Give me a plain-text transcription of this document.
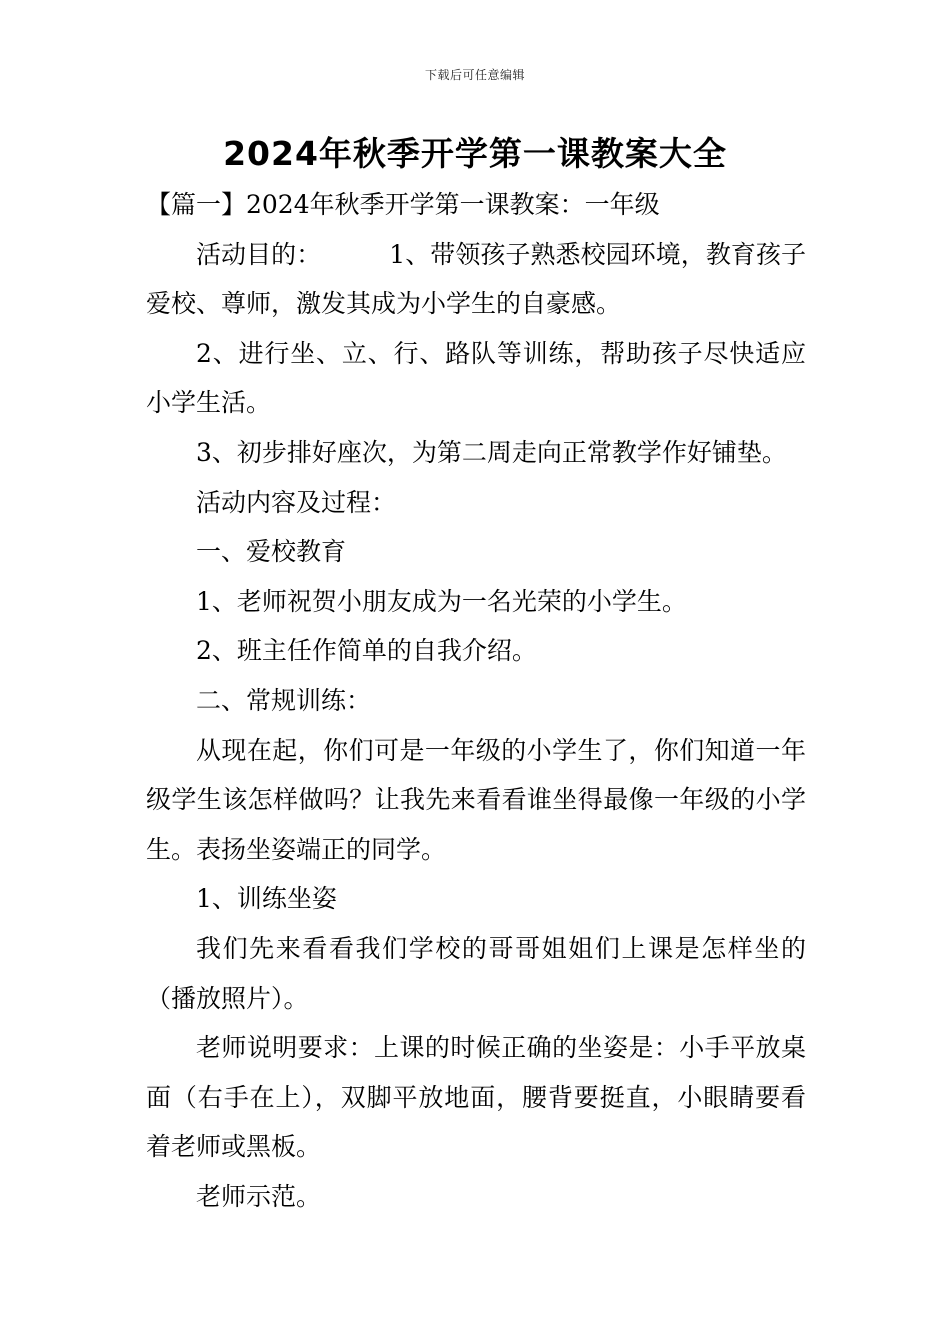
下载后可任意编辑
2024年秋季开学第一课教案大全

【篇一】2024年秋季开学第一课教案：一年级

活动目的：	1、带领孩子熟悉校园环境，教育孩子爱校、尊师，激发其成为小学生的自豪感。

2、进行坐、立、行、路队等训练，帮助孩子尽快适应小学生活。

3、初步排好座次，为第二周走向正常教学作好铺垫。

活动内容及过程：

一、爱校教育

1、老师祝贺小朋友成为一名光荣的小学生。

2、班主任作简单的自我介绍。

二、常规训练：

从现在起，你们可是一年级的小学生了，你们知道一年级学生该怎样做吗？让我先来看看谁坐得最像一年级的小学生。表扬坐姿端正的同学。

1、训练坐姿

我们先来看看我们学校的哥哥姐姐们上课是怎样坐的（播放照片）。

老师说明要求：上课的时候正确的坐姿是：小手平放桌面（右手在上），双脚平放地面，腰背要挺直，小眼睛要看着老师或黑板。

老师示范。
